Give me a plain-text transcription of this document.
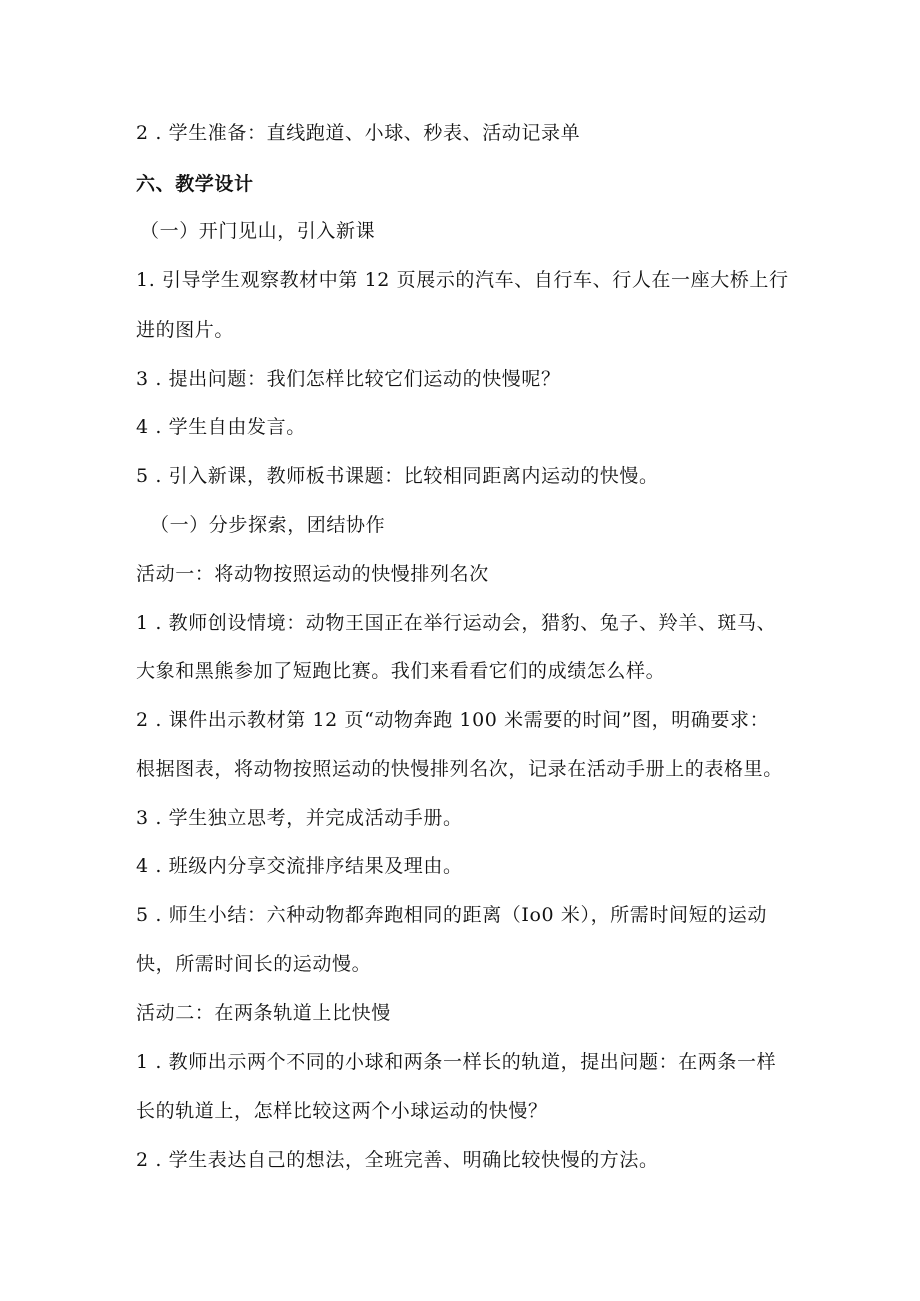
2 . 学生准备：直线跑道、小球、秒表、活动记录单
六、教学设计
（一）开门见山，引入新课
1. 引导学生观察教材中第 12 页展示的汽车、自行车、行人在一座大桥上行
进的图片。
3 . 提出问题：我们怎样比较它们运动的快慢呢？
4 . 学生自由发言。
5 . 引入新课，教师板书课题：比较相同距离内运动的快慢。
（一）分步探索，团结协作
活动一：将动物按照运动的快慢排列名次
1 . 教师创设情境：动物王国正在举行运动会，猎豹、兔子、羚羊、斑马、
大象和黑熊参加了短跑比赛。我们来看看它们的成绩怎么样。
2 . 课件出示教材第 12 页“动物奔跑 100 米需要的时间”图，明确要求：
根据图表，将动物按照运动的快慢排列名次，记录在活动手册上的表格里。
3 . 学生独立思考，并完成活动手册。
4 . 班级内分享交流排序结果及理由。
5 . 师生小结：六种动物都奔跑相同的距离（Io0 米），所需时间短的运动
快，所需时间长的运动慢。
活动二：在两条轨道上比快慢
1 . 教师出示两个不同的小球和两条一样长的轨道，提出问题：在两条一样
长的轨道上，怎样比较这两个小球运动的快慢？
2 . 学生表达自己的想法，全班完善、明确比较快慢的方法。
